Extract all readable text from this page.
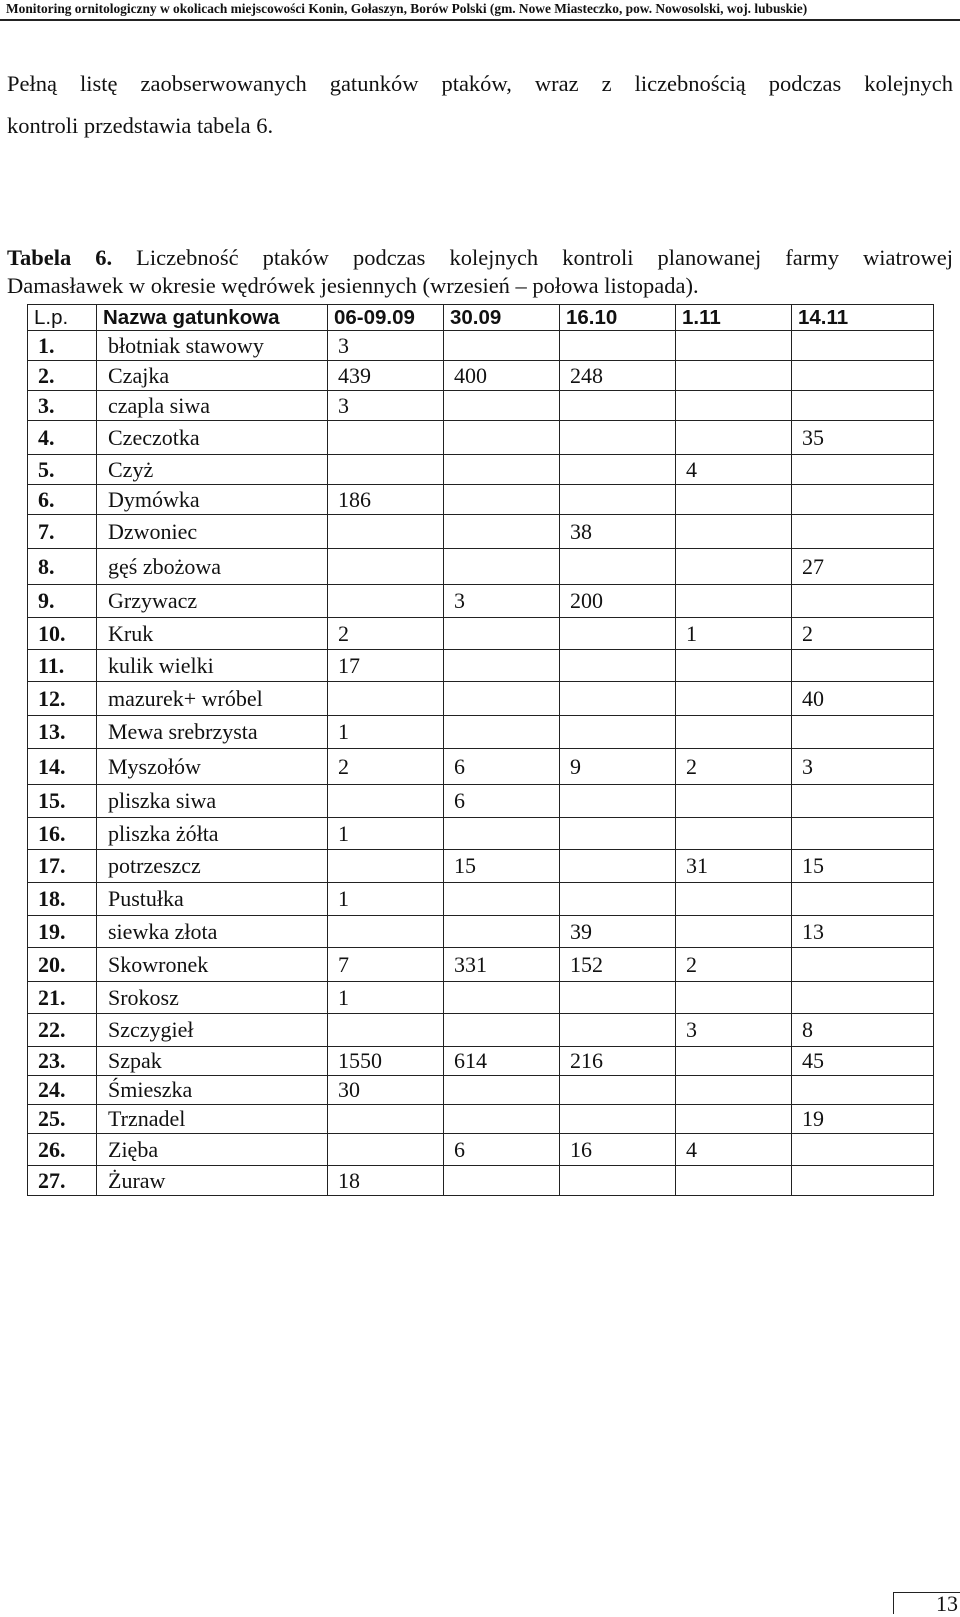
Monitoring ornitologiczny w okolicach miejscowości Konin, Gołaszyn, Borów Polski (gm. Nowe Miasteczko, pow. Nowosolski, woj. lubuskie)
Pełną listę zaobserwowanych gatunków ptaków, wraz z liczebnością podczas kolejnych
kontroli przedstawia tabela 6.
Tabela 6. Liczebność ptaków podczas kolejnych kontroli planowanej farmy wiatrowej
Damasławek w okresie wędrówek jesiennych (wrzesień – połowa listopada).
L.p.	Nazwa gatunkowa	06-09.09	30.09	16.10	1.11	14.11
1.	błotniak stawowy	3				
2.	Czajka	439	400	248		
3.	czapla siwa	3				
4.	Czeczotka					35
5.	Czyż				4	
6.	Dymówka	186				
7.	Dzwoniec			38		
8.	gęś zbożowa					27
9.	Grzywacz		3	200		
10.	Kruk	2			1	2
11.	kulik wielki	17				
12.	mazurek+ wróbel					40
13.	Mewa srebrzysta	1				
14.	Myszołów	2	6	9	2	3
15.	pliszka siwa		6			
16.	pliszka żółta	1				
17.	potrzeszcz		15		31	15
18.	Pustułka	1				
19.	siewka złota			39		13
20.	Skowronek	7	331	152	2	
21.	Srokosz	1				
22.	Szczygieł				3	8
23.	Szpak	1550	614	216		45
24.	Śmieszka	30				
25.	Trznadel					19
26.	Zięba		6	16	4	
27.	Żuraw	18				
13
